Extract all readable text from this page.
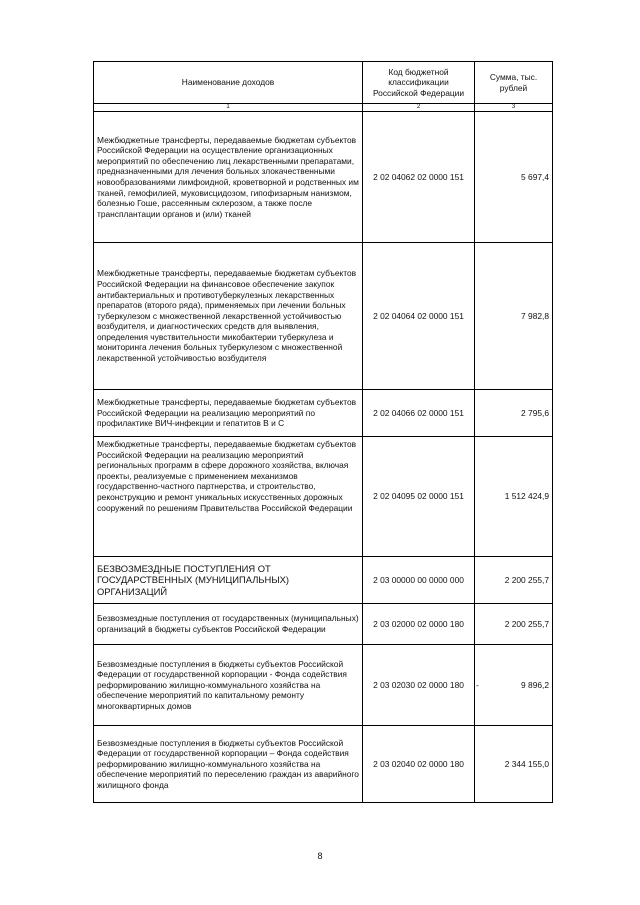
Наименование доходов	Код бюджетной классификации Российской Федерации	Сумма, тыс. рублей
1	2	3
Межбюджетные трансферты, передаваемые бюджетам субъектов Российской Федерации на осуществление организационных мероприятий по обеспечению лиц лекарственными препаратами, предназначенными для лечения больных злокачественными новообразованиями лимфоидной, кроветворной и родственных им тканей, гемофилией, муковисцидозом, гипофизарным нанизмом, болезнью Гоше, рассеянным склерозом, а также после трансплантации органов и (или) тканей	2 02 04062 02 0000 151	5 697,4
Межбюджетные трансферты, передаваемые бюджетам субъектов Российской Федерации на финансовое обеспечение закупок антибактериальных и противотуберкулезных лекарственных препаратов (второго ряда), применяемых при лечении больных туберкулезом с множественной лекарственной устойчивостью возбудителя, и диагностических средств для выявления, определения чувствительности микобактерии туберкулеза и мониторинга лечения больных туберкулезом с множественной лекарственной устойчивостью возбудителя	2 02 04064 02 0000 151	7 982,8
Межбюджетные трансферты, передаваемые бюджетам субъектов Российской Федерации на реализацию мероприятий по профилактике ВИЧ-инфекции и гепатитов В и С	2 02 04066 02 0000 151	2 795,6
Межбюджетные трансферты, передаваемые бюджетам субъектов Российской Федерации на реализацию мероприятий региональных программ в сфере дорожного хозяйства, включая проекты, реализуемые с применением механизмов государственно-частного партнерства, и строительство, реконструкцию и ремонт уникальных искусственных дорожных сооружений по решениям Правительства Российской Федерации	2 02 04095 02 0000 151	1 512 424,9
БЕЗВОЗМЕЗДНЫЕ ПОСТУПЛЕНИЯ ОТ ГОСУДАРСТВЕННЫХ (МУНИЦИПАЛЬНЫХ) ОРГАНИЗАЦИЙ	2 03 00000 00 0000 000	2 200 255,7
Безвозмездные поступления от государственных (муниципальных) организаций в бюджеты субъектов Российской Федерации	2 03 02000 02 0000 180	2 200 255,7
Безвозмездные поступления в бюджеты субъектов Российской Федерации от государственной корпорации - Фонда содействия реформированию жилищно-коммунального хозяйства на обеспечение мероприятий по капитальному ремонту многоквартирных домов	2 03 02030 02 0000 180	- 9 896,2
Безвозмездные поступления в бюджеты субъектов Российской Федерации от государственной корпорации – Фонда содействия реформированию жилищно-коммунального хозяйства на обеспечение мероприятий по переселению граждан из аварийного жилищного фонда	2 03 02040 02 0000 180	2 344 155,0
8
